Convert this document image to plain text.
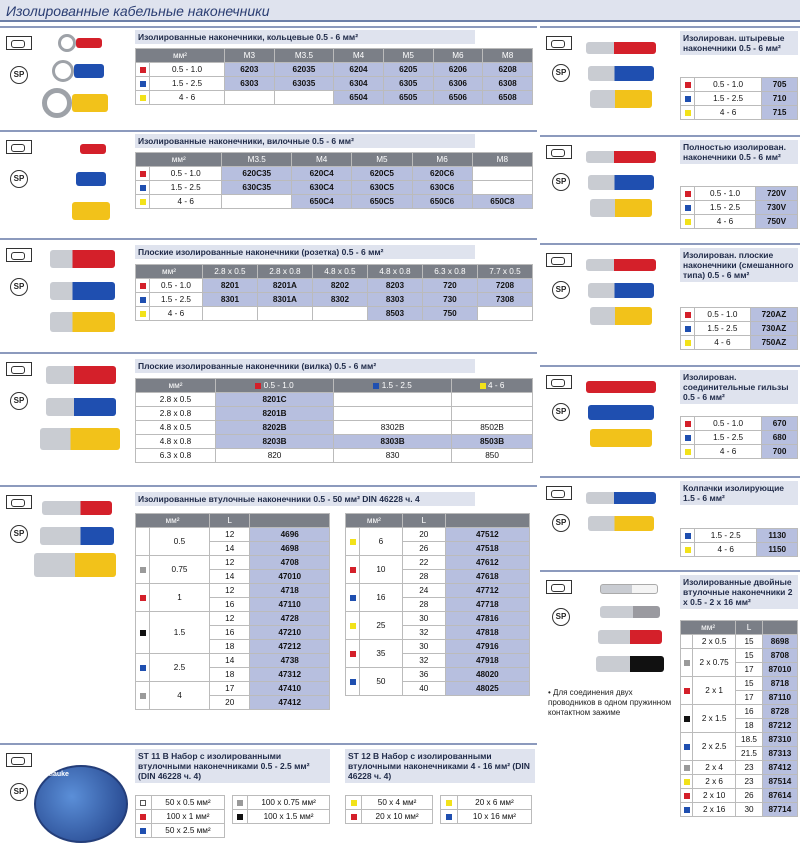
Изолированные кабельные наконечники
SP
Изолированные наконечники, кольцевые 0.5 - 6 мм²
мм²		M3	M3.5	M4	M5	M6	M8
	0.5 - 1.0	6203	62035	6204	6205	6206	6208
	1.5 - 2.5	6303	63035	6304	6305	6306	6308
	4 - 6			6504	6505	6506	6508
SP
Изолированные наконечники, вилочные 0.5 - 6 мм²
мм²		M3.5	M4	M5	M6	M8
	0.5 - 1.0	620C35	620C4	620C5	620C6	
	1.5 - 2.5	630C35	630C4	630C5	630C6	
	4 - 6		650C4	650C5	650C6	650C8
SP
Плоские изолированные наконечники (розетка) 0.5 - 6 мм²
мм²		2.8 x 0.5	2.8 x 0.8	4.8 x 0.5	4.8 x 0.8	6.3 x 0.8	7.7 x 0.5
	0.5 - 1.0	8201	8201A	8202	8203	720	7208
	1.5 - 2.5	8301	8301A	8302	8303	730	7308
	4 - 6				8503	750	
SP
Плоские изолированные наконечники (вилка) 0.5 - 6 мм²
мм²	0.5 - 1.0	1.5 - 2.5	4 - 6
2.8 x 0.5	8201C		
2.8 x 0.8	8201B		
4.8 x 0.5	8202B	8302B	8502B
4.8 x 0.8	8203B	8303B	8503B
6.3 x 0.8	820	830	850
SP
Изолированные втулочные наконечники 0.5 - 50 мм² DIN 46228 ч. 4
мм²		L	
	0.5	12	4696
		14	4698
	0.75	12	4708
		14	47010
	1	12	4718
		16	47110
	1.5	12	4728
		16	47210
		18	47212
	2.5	14	4738
		18	47312
	4	17	47410
		20	47412
мм²		L	
	6	20	47512
		26	47518
	10	22	47612
		28	47618
	16	24	47712
		28	47718
	25	30	47816
		32	47818
	35	30	47916
		32	47918
	50	36	48020
		40	48025
SP
Klauke
ST 11 B Набор с изолированными втулочными наконечниками 0.5 - 2.5 мм² (DIN 46228 ч. 4)
ST 12 B Набор с изолированными втулочными наконечниками 4 - 16 мм² (DIN 46228 ч. 4)
	50 x 0.5 мм²
	100 x 1 мм²
	50 x 2.5 мм²
	100 x 0.75 мм²
	100 x 1.5 мм²
	50 x 4 мм²
	20 x 10 мм²
	20 x 6 мм²
	10 x 16 мм²
SP
Изолирован. штыревые наконечники 0.5 - 6 мм²
	0.5 - 1.0	705
	1.5 - 2.5	710
	4 - 6	715
SP
Полностью изолирован. наконечники 0.5 - 6 мм²
	0.5 - 1.0	720V
	1.5 - 2.5	730V
	4 - 6	750V
SP
Изолирован. плоские наконечники (смешанного типа) 0.5 - 6 мм²
	0.5 - 1.0	720AZ
	1.5 - 2.5	730AZ
	4 - 6	750AZ
SP
Изолирован. соединительные гильзы 0.5 - 6 мм²
	0.5 - 1.0	670
	1.5 - 2.5	680
	4 - 6	700
SP
Колпачки изолирующие 1.5 - 6 мм²
	1.5 - 2.5	1130
	4 - 6	1150
SP
• Для соединения двух проводников в одном пружинном контактном зажиме
Изолированные двойные втулочные наконечники 2 x 0.5 - 2 x 16 мм²
мм²		L	
	2 x 0.5	15	8698
	2 x 0.75	15	8708
		17	87010
	2 x 1	15	8718
		17	87110
	2 x 1.5	16	8728
		18	87212
	2 x 2.5	18.5	87310
		21.5	87313
	2 x 4	23	87412
	2 x 6	23	87514
	2 x 10	26	87614
	2 x 16	30	87714
